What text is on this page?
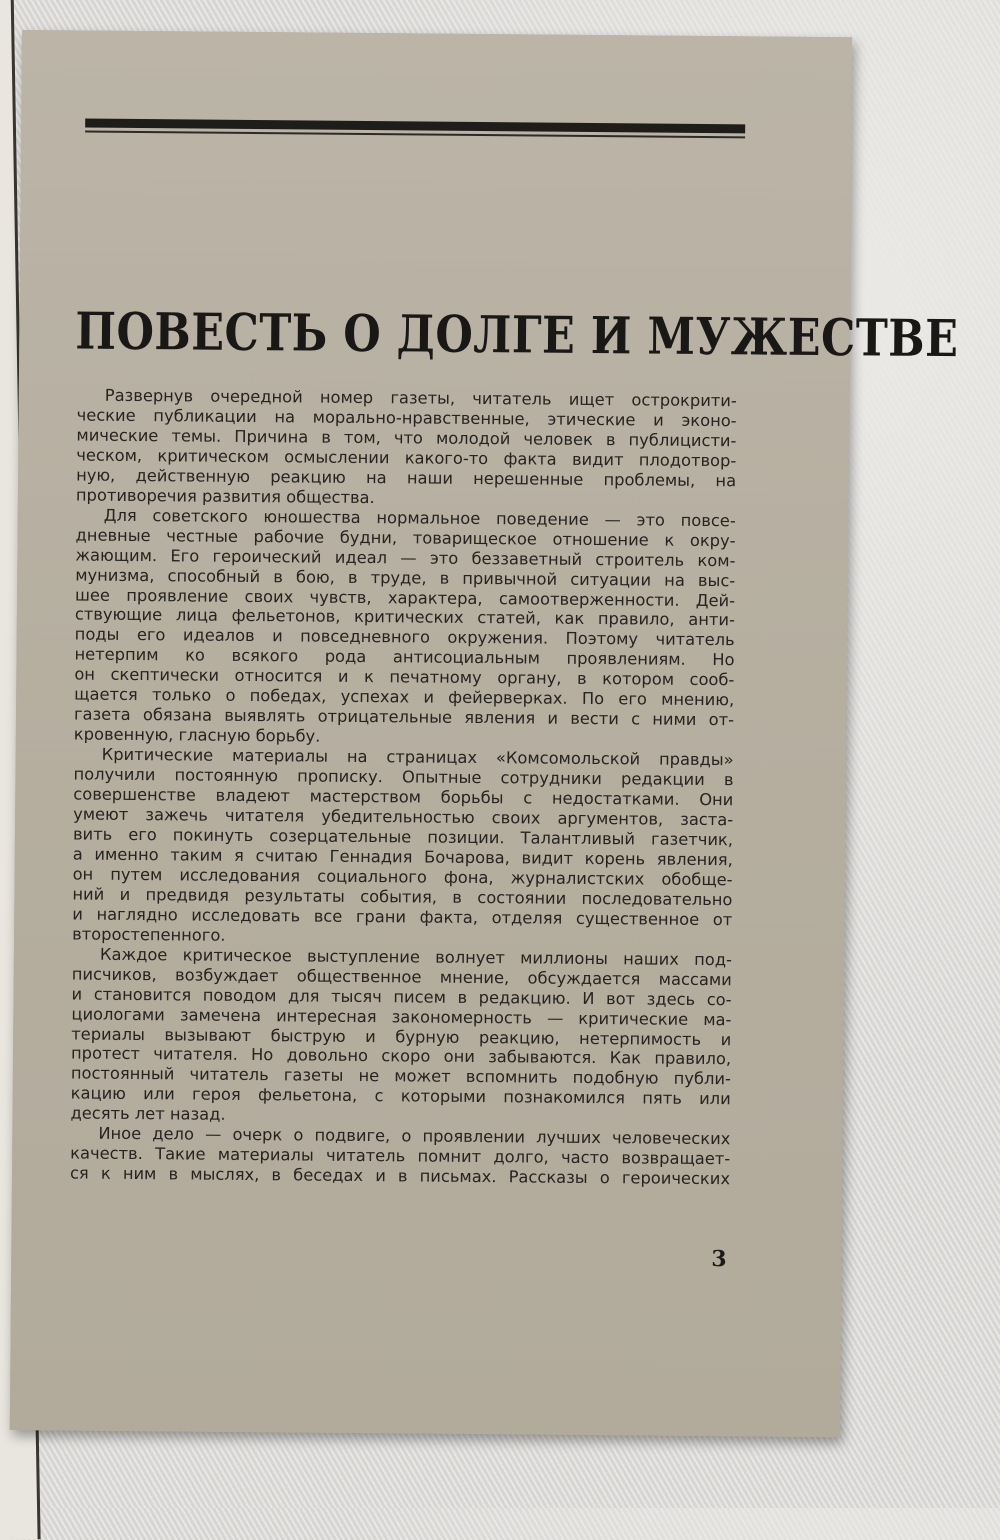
ПОВЕСТЬ О ДОЛГЕ И МУЖЕСТВЕ
Развернув очередной номер газеты, читатель ищет острокрити-
ческие публикации на морально-нравственные, этические и эконо-
мические темы. Причина в том, что молодой человек в публицисти-
ческом, критическом осмыслении какого-то факта видит плодотвор-
ную, действенную реакцию на наши нерешенные проблемы, на
противоречия развития общества.
Для советского юношества нормальное поведение — это повсе-
дневные честные рабочие будни, товарищеское отношение к окру-
жающим. Его героический идеал — это беззаветный строитель ком-
мунизма, способный в бою, в труде, в привычной ситуации на выс-
шее проявление своих чувств, характера, самоотверженности. Дей-
ствующие лица фельетонов, критических статей, как правило, анти-
поды его идеалов и повседневного окружения. Поэтому читатель
нетерпим ко всякого рода антисоциальным проявлениям. Но
он скептически относится и к печатному органу, в котором сооб-
щается только о победах, успехах и фейерверках. По его мнению,
газета обязана выявлять отрицательные явления и вести с ними от-
кровенную, гласную борьбу.
Критические материалы на страницах «Комсомольской правды»
получили постоянную прописку. Опытные сотрудники редакции в
совершенстве владеют мастерством борьбы с недостатками. Они
умеют зажечь читателя убедительностью своих аргументов, заста-
вить его покинуть созерцательные позиции. Талантливый газетчик,
а именно таким я считаю Геннадия Бочарова, видит корень явления,
он путем исследования социального фона, журналистских обобще-
ний и предвидя результаты события, в состоянии последовательно
и наглядно исследовать все грани факта, отделяя существенное от
второстепенного.
Каждое критическое выступление волнует миллионы наших под-
писчиков, возбуждает общественное мнение, обсуждается массами
и становится поводом для тысяч писем в редакцию. И вот здесь со-
циологами замечена интересная закономерность — критические ма-
териалы вызывают быструю и бурную реакцию, нетерпимость и
протест читателя. Но довольно скоро они забываются. Как правило,
постоянный читатель газеты не может вспомнить подобную публи-
кацию или героя фельетона, с которыми познакомился пять или
десять лет назад.
Иное дело — очерк о подвиге, о проявлении лучших человеческих
качеств. Такие материалы читатель помнит долго, часто возвращает-
ся к ним в мыслях, в беседах и в письмах. Рассказы о героических
3
